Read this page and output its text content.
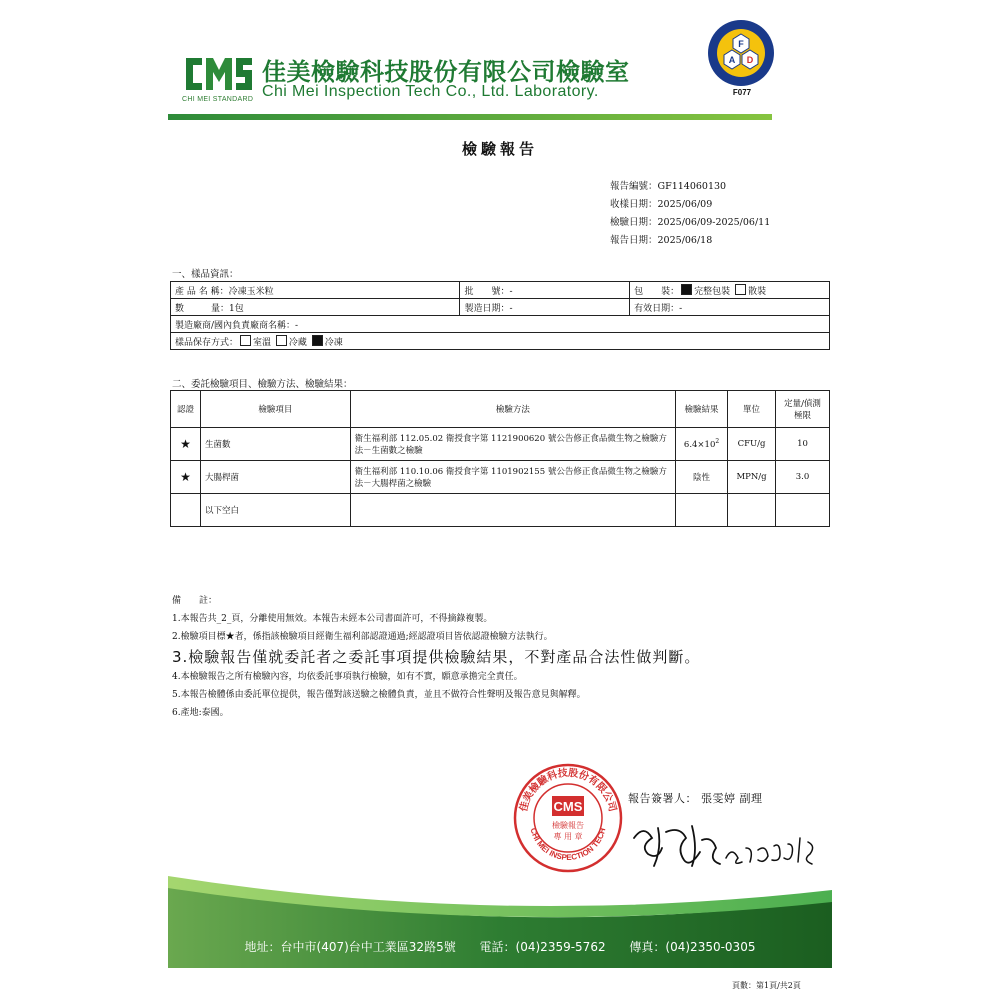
CHI MEI STANDARD
佳美檢驗科技股份有限公司檢驗室
Chi Mei Inspection Tech Co., Ltd. Laboratory.
F
A D
F077
檢驗報告
報告編號：GF114060130
收樣日期：2025/06/09
檢驗日期：2025/06/09-2025/06/11
報告日期：2025/06/18
一、樣品資訊：
產 品 名 稱：冷凍玉米粒	批　　號：-	包　　裝： 完整包裝 散裝
數　　　量：1包	製造日期：-	有效日期：-
製造廠商/國內負責廠商名稱：-		
樣品保存方式： 室溫 冷藏 冷凍		
二、委託檢驗項目、檢驗方法、檢驗結果：
認證	檢驗項目	檢驗方法	檢驗結果	單位	定量/偵測極限
★	生菌數	衛生福利部 112.05.02 衛授食字第 1121900620 號公告修正食品微生物之檢驗方法－生菌數之檢驗	$6.4\times 10^2$	CFU/g	10
★	大腸桿菌	衛生福利部 110.10.06 衛授食字第 1101902155 號公告修正食品微生物之檢驗方法－大腸桿菌之檢驗	陰性	MPN/g	3.0
	以下空白				
備　　註：
1.本報告共_2_頁，分離使用無效。本報告未經本公司書面許可，不得摘錄複製。
2.檢驗項目標★者，係指該檢驗項目經衛生福利部認證通過;經認證項目皆依認證檢驗方法執行。
3.檢驗報告僅就委託者之委託事項提供檢驗結果，不對產品合法性做判斷。
4.本檢驗報告之所有檢驗內容，均依委託事項執行檢驗，如有不實，願意承擔完全責任。
5.本報告檢體係由委託單位提供，報告僅對該送驗之檢體負責，並且不做符合性聲明及報告意見與解釋。
6.產地:泰國。
佳美檢驗科技股份有限公司
CHI MEI INSPECTION TECH
CMS
檢驗報告
專 用 章
報告簽署人： 張雯婷 副理
地址：台中市(407)台中工業區32路5號 電話：(04)2359-5762 傳真：(04)2350-0305
頁數：第1頁/共2頁
